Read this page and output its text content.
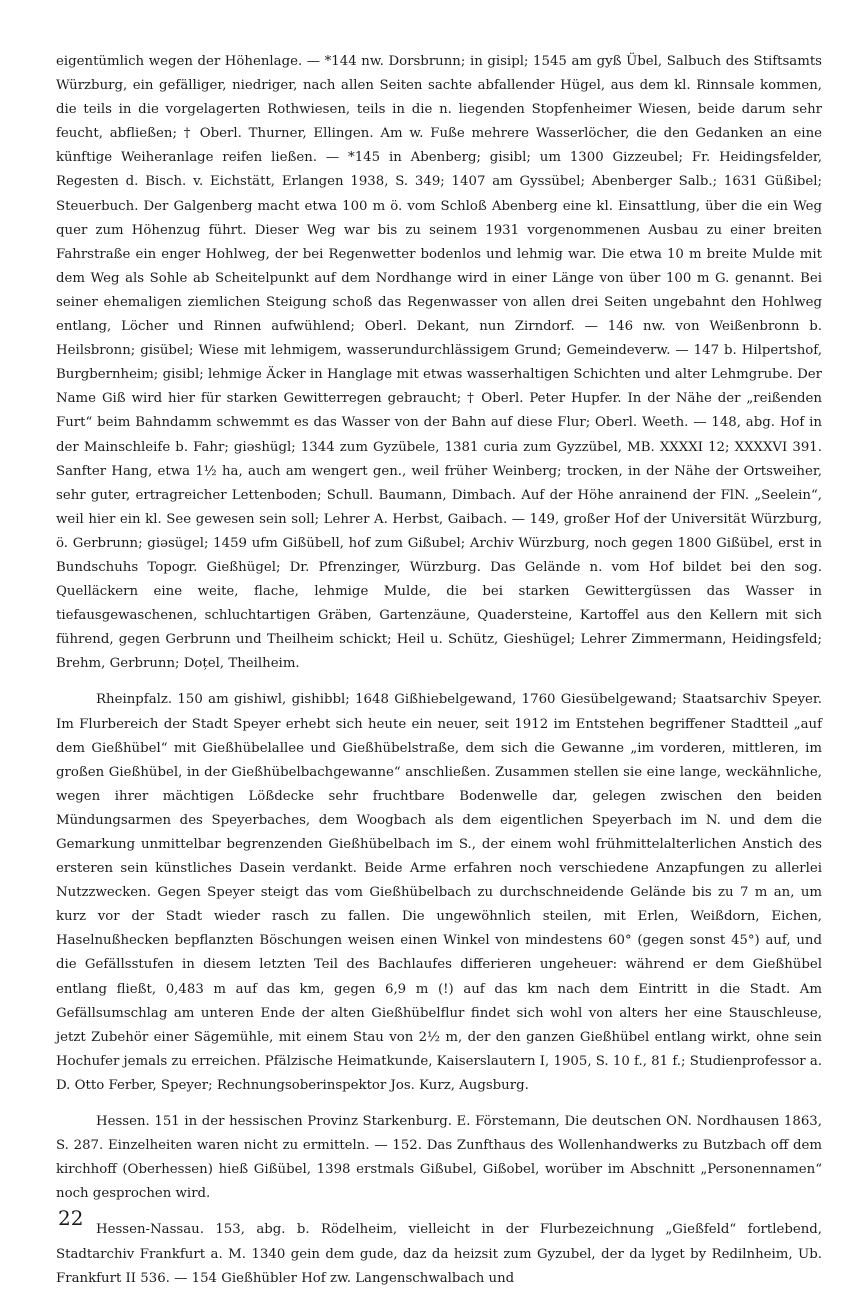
eigentümlich wegen der Höhenlage. — *144 nw. Dorsbrunn; in gi̇sipl; 1545 am gyß Übel, Salbuch des Stiftsamts Würzburg, ein gefälliger, niedriger, nach allen Seiten sachte abfallender Hügel, aus dem kl. Rinnsale kommen, die teils in die vorgelagerten Rothwiesen, teils in die n. liegenden Stopfenheimer Wiesen, beide darum sehr feucht, abfließen; † Oberl. Thurner, Ellingen. Am w. Fuße mehrere Wasserlöcher, die den Gedanken an eine künftige Weiheranlage reifen ließen. — *145 in Abenberg; gi̇sibl; um 1300 Gizzeubel; Fr. Heidingsfelder, Regesten d. Bisch. v. Eichstätt, Erlangen 1938, S. 349; 1407 am Gyssübel; Abenberger Salb.; 1631 Güßibel; Steuerbuch. Der Galgenberg macht etwa 100 m ö. vom Schloß Abenberg eine kl. Einsattlung, über die ein Weg quer zum Höhenzug führt. Dieser Weg war bis zu seinem 1931 vorgenommenen Ausbau zu einer breiten Fahrstraße ein enger Hohlweg, der bei Regenwetter bodenlos und lehmig war. Die etwa 10 m breite Mulde mit dem Weg als Sohle ab Scheitelpunkt auf dem Nordhange wird in einer Länge von über 100 m G. genannt. Bei seiner ehemaligen ziemlichen Steigung schoß das Regenwasser von allen drei Seiten ungebahnt den Hohlweg entlang, Löcher und Rinnen aufwühlend; Oberl. Dekant, nun Zirndorf. — 146 nw. von Weißenbronn b. Heilsbronn; gi̇sübel; Wiese mit lehmigem, wasserundurchlässigem Grund; Gemeindeverw. — 147 b. Hilpertshof, Burgbernheim; gi̇sibl; lehmige Äcker in Hanglage mit etwas wasserhaltigen Schichten und alter Lehmgrube. Der Name Giß wird hier für starken Gewitterregen gebraucht; † Oberl. Peter Hupfer. In der Nähe der „reißenden Furt“ beim Bahndamm schwemmt es das Wasser von der Bahn auf diese Flur; Oberl. Weeth. — 148, abg. Hof in der Mainschleife b. Fahr; gi̇əshügl; 1344 zum Gyzübele, 1381 curia zum Gyzzübel, MB. XXXXI 12; XXXXVI 391. Sanfter Hang, etwa 1½ ha, auch am wengert gen., weil früher Weinberg; trocken, in der Nähe der Ortsweiher, sehr guter, ertragreicher Lettenboden; Schull. Baumann, Dimbach. Auf der Höhe anrainend der FlN. „Seelein“, weil hier ein kl. See gewesen sein soll; Lehrer A. Herbst, Gaibach. — 149, großer Hof der Universität Würzburg, ö. Gerbrunn; giəsügel; 1459 ufm Gißübell, hof zum Gißubel; Archiv Würzburg, noch gegen 1800 Gißübel, erst in Bundschuhs Topogr. Gießhügel; Dr. Pfrenzinger, Würzburg. Das Gelände n. vom Hof bildet bei den sog. Quelläckern eine weite, flache, lehmige Mulde, die bei starken Gewittergüssen das Wasser in tiefausgewaschenen, schluchtartigen Gräben, Gartenzäune, Quadersteine, Kartoffel aus den Kellern mit sich führend, gegen Gerbrunn und Theilheim schickt; Heil u. Schütz, Gieshügel; Lehrer Zimmermann, Heidingsfeld; Brehm, Gerbrunn; Doțel, Theilheim.

Rheinpfalz. 150 am gi̇shiwl, gi̇shibbl; 1648 Gißhiebelgewand, 1760 Giesübelgewand; Staatsarchiv Speyer. Im Flurbereich der Stadt Speyer erhebt sich heute ein neuer, seit 1912 im Entstehen begriffener Stadtteil „auf dem Gießhübel“ mit Gießhübelallee und Gießhübelstraße, dem sich die Gewanne „im vorderen, mittleren, im großen Gießhübel, in der Gießhübelbachgewanne“ anschließen. Zusammen stellen sie eine lange, weckähnliche, wegen ihrer mächtigen Lößdecke sehr fruchtbare Bodenwelle dar, gelegen zwischen den beiden Mündungsarmen des Speyerbaches, dem Woogbach als dem eigentlichen Speyerbach im N. und dem die Gemarkung unmittelbar begrenzenden Gießhübelbach im S., der einem wohl frühmittelalterlichen Anstich des ersteren sein künstliches Dasein verdankt. Beide Arme erfahren noch verschiedene Anzapfungen zu allerlei Nutzzwecken. Gegen Speyer steigt das vom Gießhübelbach zu durchschneidende Gelände bis zu 7 m an, um kurz vor der Stadt wieder rasch zu fallen. Die ungewöhnlich steilen, mit Erlen, Weißdorn, Eichen, Haselnußhecken bepflanzten Böschungen weisen einen Winkel von mindestens 60° (gegen sonst 45°) auf, und die Gefällsstufen in diesem letzten Teil des Bachlaufes differieren ungeheuer: während er dem Gießhübel entlang fließt, 0,483 m auf das km, gegen 6,9 m (!) auf das km nach dem Eintritt in die Stadt. Am Gefällsumschlag am unteren Ende der alten Gießhübelflur findet sich wohl von alters her eine Stauschleuse, jetzt Zubehör einer Sägemühle, mit einem Stau von 2½ m, der den ganzen Gießhübel entlang wirkt, ohne sein Hochufer jemals zu erreichen. Pfälzische Heimatkunde, Kaiserslautern I, 1905, S. 10 f., 81 f.; Studienprofessor a. D. Otto Ferber, Speyer; Rechnungsoberinspektor Jos. Kurz, Augsburg.

Hessen. 151 in der hessischen Provinz Starkenburg. E. Förstemann, Die deutschen ON. Nordhausen 1863, S. 287. Einzelheiten waren nicht zu ermitteln. — 152. Das Zunfthaus des Wollenhandwerks zu Butzbach off dem kirchhoff (Oberhessen) hieß Gißübel, 1398 erstmals Gißubel, Gißobel, worüber im Abschnitt „Personennamen“ noch gesprochen wird.

Hessen-Nassau. 153, abg. b. Rödelheim, vielleicht in der Flurbezeichnung „Gießfeld“ fortlebend, Stadtarchiv Frankfurt a. M. 1340 gein dem gude, daz da heizsit zum Gyzubel, der da lyget by Redilnheim, Ub. Frankfurt II 536. — 154 Gießhübler Hof zw. Langenschwalbach und

22
